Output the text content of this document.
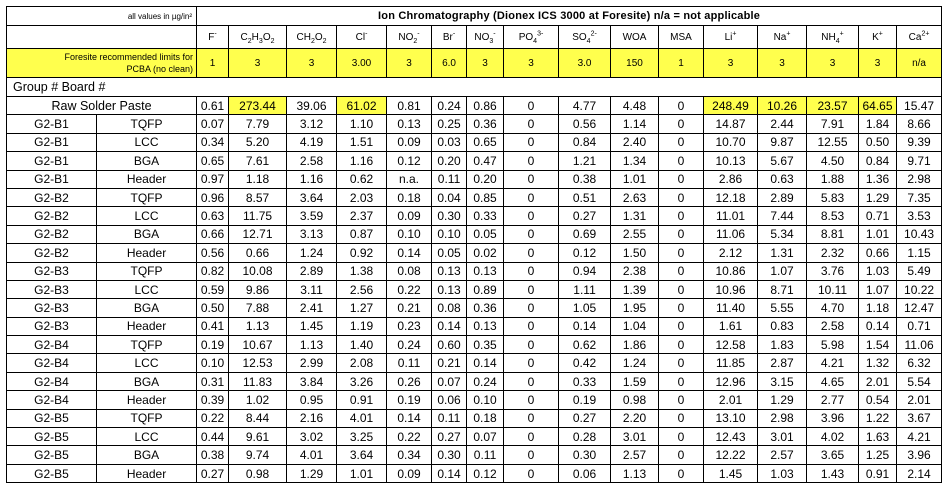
all values in µg/in²		Ion Chromatography (Dionex ICS 3000 at Foresite) n/a = not applicable															
		F-	$C_2H_3O_2$	$CH_2O_2$	Cl-	$NO_2^-$	Br-	$NO_3^-$	$PO_4^{3-}$	$SO_4^{2-}$	WOA	MSA	Li+	Na+	$NH_4^+$	K+	$Ca^{2+}$

Foresite recommended limits for
PCBA (no clean)		1	3	3	3.00	3	6.0	3	3	3.0	150	1	3	3	3	3	n/a
Group # Board #																	
Raw Solder Paste		0.61	273.44	39.06	61.02	0.81	0.24	0.86	0	4.77	4.48	0	248.49	10.26	23.57	64.65	15.47
G2-B1	TQFP	0.07	7.79	3.12	1.10	0.13	0.25	0.36	0	0.56	1.14	0	14.87	2.44	7.91	1.84	8.66
G2-B1	LCC	0.34	5.20	4.19	1.51	0.09	0.03	0.65	0	0.84	2.40	0	10.70	9.87	12.55	0.50	9.39
G2-B1	BGA	0.65	7.61	2.58	1.16	0.12	0.20	0.47	0	1.21	1.34	0	10.13	5.67	4.50	0.84	9.71
G2-B1	Header	0.97	1.18	1.16	0.62	n.a.	0.11	0.20	0	0.38	1.01	0	2.86	0.63	1.88	1.36	2.98
G2-B2	TQFP	0.96	8.57	3.64	2.03	0.18	0.04	0.85	0	0.51	2.63	0	12.18	2.89	5.83	1.29	7.35
G2-B2	LCC	0.63	11.75	3.59	2.37	0.09	0.30	0.33	0	0.27	1.31	0	11.01	7.44	8.53	0.71	3.53
G2-B2	BGA	0.66	12.71	3.13	0.87	0.10	0.10	0.05	0	0.69	2.55	0	11.06	5.34	8.81	1.01	10.43
G2-B2	Header	0.56	0.66	1.24	0.92	0.14	0.05	0.02	0	0.12	1.50	0	2.12	1.31	2.32	0.66	1.15
G2-B3	TQFP	0.82	10.08	2.89	1.38	0.08	0.13	0.13	0	0.94	2.38	0	10.86	1.07	3.76	1.03	5.49
G2-B3	LCC	0.59	9.86	3.11	2.56	0.22	0.13	0.89	0	1.11	1.39	0	10.96	8.71	10.11	1.07	10.22
G2-B3	BGA	0.50	7.88	2.41	1.27	0.21	0.08	0.36	0	1.05	1.95	0	11.40	5.55	4.70	1.18	12.47
G2-B3	Header	0.41	1.13	1.45	1.19	0.23	0.14	0.13	0	0.14	1.04	0	1.61	0.83	2.58	0.14	0.71
G2-B4	TQFP	0.19	10.67	1.13	1.40	0.24	0.60	0.35	0	0.62	1.86	0	12.58	1.83	5.98	1.54	11.06
G2-B4	LCC	0.10	12.53	2.99	2.08	0.11	0.21	0.14	0	0.42	1.24	0	11.85	2.87	4.21	1.32	6.32
G2-B4	BGA	0.31	11.83	3.84	3.26	0.26	0.07	0.24	0	0.33	1.59	0	12.96	3.15	4.65	2.01	5.54
G2-B4	Header	0.39	1.02	0.95	0.91	0.19	0.06	0.10	0	0.19	0.98	0	2.01	1.29	2.77	0.54	2.01
G2-B5	TQFP	0.22	8.44	2.16	4.01	0.14	0.11	0.18	0	0.27	2.20	0	13.10	2.98	3.96	1.22	3.67
G2-B5	LCC	0.44	9.61	3.02	3.25	0.22	0.27	0.07	0	0.28	3.01	0	12.43	3.01	4.02	1.63	4.21
G2-B5	BGA	0.38	9.74	4.01	3.64	0.34	0.30	0.11	0	0.30	2.57	0	12.22	2.57	3.65	1.25	3.96
G2-B5	Header	0.27	0.98	1.29	1.01	0.09	0.14	0.12	0	0.06	1.13	0	1.45	1.03	1.43	0.91	2.14
